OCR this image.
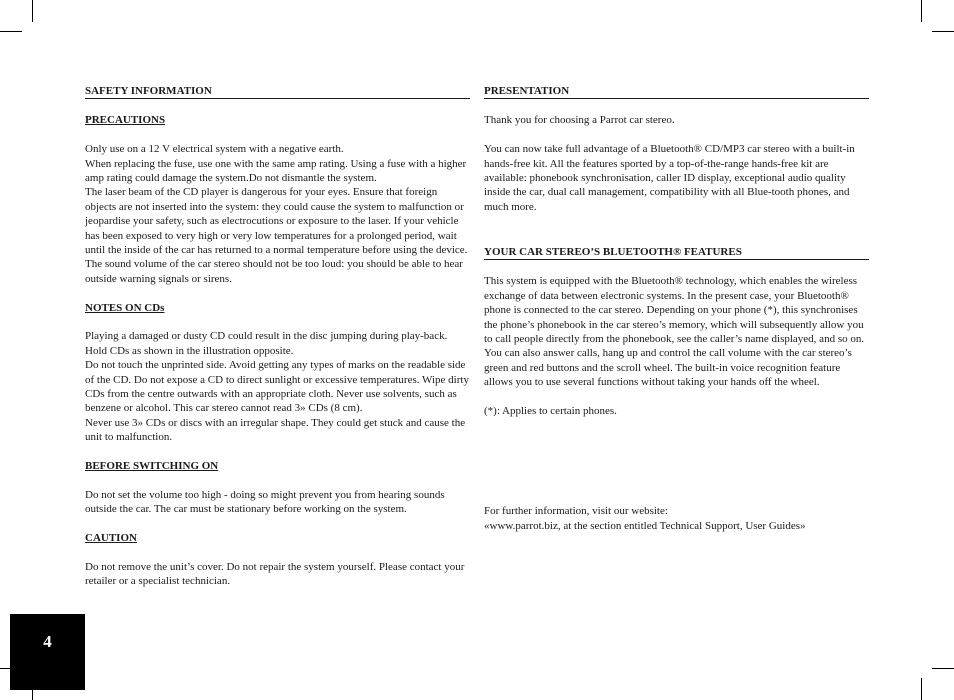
SAFETY INFORMATION

PRECAUTIONS

Only use on a 12 V electrical system with a negative earth.

When replacing the fuse, use one with the same amp rating. Using a fuse with a higher amp rating could damage the system.Do not dismantle the system.

The laser beam of the CD player is dangerous for your eyes. Ensure that foreign objects are not inserted into the system: they could cause the system to malfunction or jeopardise your safety, such as electrocutions or exposure to the laser. If your vehicle has been exposed to very high or very low temperatures for a prolonged period, wait until the inside of the car has returned to a normal temperature before using the device. The sound volume of the car stereo should not be too loud: you should be able to hear outside warning signals or sirens.

NOTES ON CDs

Playing a damaged or dusty CD could result in the disc jumping during play-back. Hold CDs as shown in the illustration opposite.

Do not touch the unprinted side. Avoid getting any types of marks on the readable side of the CD. Do not expose a CD to direct sunlight or excessive temperatures. Wipe dirty CDs from the centre outwards with an appropriate cloth. Never use solvents, such as benzene or alcohol. This car stereo cannot read 3» CDs (8 cm).

Never use 3» CDs or discs with an irregular shape. They could get stuck and cause the unit to malfunction.

BEFORE SWITCHING ON

Do not set the volume too high - doing so might prevent you from hearing sounds outside the car. The car must be stationary before working on the system.

CAUTION

Do not remove the unit’s cover. Do not repair the system yourself. Please contact your retailer or a specialist technician.

PRESENTATION

Thank you for choosing a Parrot car stereo.

You can now take full advantage of a Bluetooth® CD/MP3 car stereo with a built-in hands-free kit. All the features sported by a top-of-the-range hands-free kit are available: phonebook synchronisation, caller ID display, exceptional audio quality inside the car, dual call management, compatibility with all Blue-tooth phones, and much more.

YOUR CAR STEREO’S BLUETOOTH® FEATURES

This system is equipped with the Bluetooth® technology, which enables the wireless exchange of data between electronic systems. In the present case, your Bluetooth® phone is connected to the car stereo. Depending on your phone (*), this synchronises the phone’s phonebook in the car stereo’s memory, which will subsequently allow you to call people directly from the phonebook, see the caller’s name displayed, and so on. You can also answer calls, hang up and control the call volume with the car stereo’s green and red buttons and the scroll wheel. The built-in voice recognition feature allows you to use several functions without taking your hands off the wheel.

(*): Applies to certain phones.

For further information, visit our website:

«www.parrot.biz, at the section entitled Technical Support, User Guides»

4
